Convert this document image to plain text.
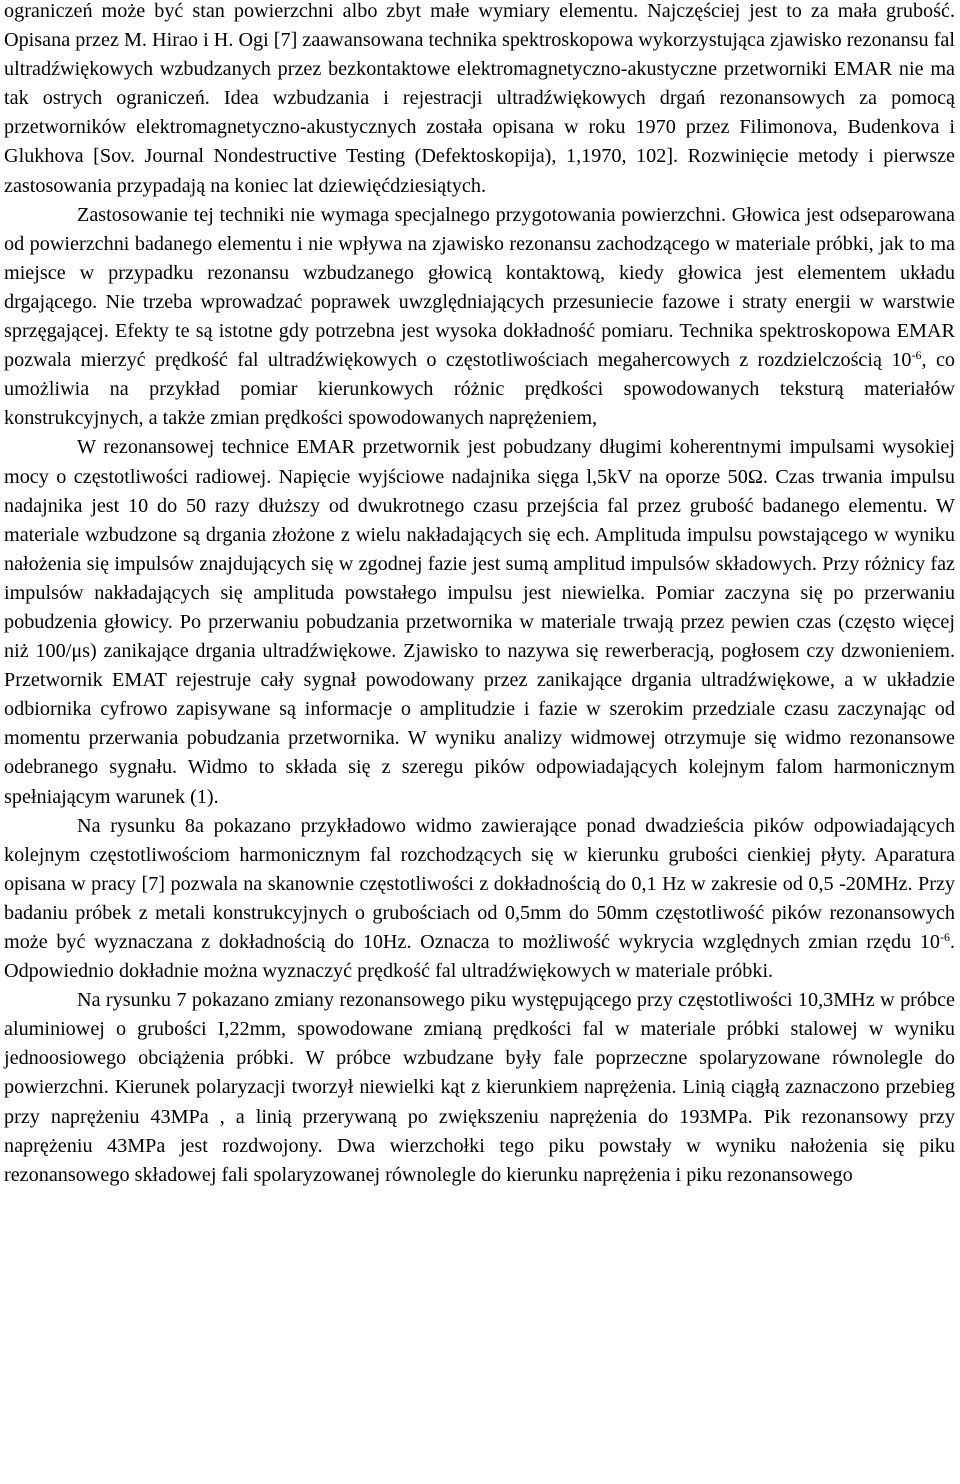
ograniczeń może być stan powierzchni albo zbyt małe wymiary elementu. Najczęściej jest to za mała grubość. Opisana przez M. Hirao i H. Ogi [7] zaawansowana technika spektroskopowa wykorzystująca zjawisko rezonansu fal ultradźwiękowych wzbudzanych przez bezkontaktowe elektromagnetyczno-akustyczne przetworniki EMAR nie ma tak ostrych ograniczeń. Idea wzbudzania i rejestracji ultradźwiękowych drgań rezonansowych za pomocą przetworników elektromagnetyczno-akustycznych została opisana w roku 1970 przez Filimonova, Budenkova i Glukhova [Sov. Journal Nondestructive Testing (Defektoskopija), 1,1970, 102]. Rozwinięcie metody i pierwsze zastosowania przypadają na koniec lat dziewięćdziesiątych.

Zastosowanie tej techniki nie wymaga specjalnego przygotowania powierzchni. Głowica jest odseparowana od powierzchni badanego elementu i nie wpływa na zjawisko rezonansu zachodzącego w materiale próbki, jak to ma miejsce w przypadku rezonansu wzbudzanego głowicą kontaktową, kiedy głowica jest elementem układu drgającego. Nie trzeba wprowadzać poprawek uwzględniających przesuniecie fazowe i straty energii w warstwie sprzęgającej. Efekty te są istotne gdy potrzebna jest wysoka dokładność pomiaru. Technika spektroskopowa EMAR pozwala mierzyć prędkość fal ultradźwiękowych o częstotliwościach megahercowych z rozdzielczością $10^{-6}$, co umożliwia na przykład pomiar kierunkowych różnic prędkości spowodowanych teksturą materiałów konstrukcyjnych, a także zmian prędkości spowodowanych naprężeniem,

W rezonansowej technice EMAR przetwornik jest pobudzany długimi koherentnymi impulsami wysokiej mocy o częstotliwości radiowej. Napięcie wyjściowe nadajnika sięga l,5kV na oporze 50Ω. Czas trwania impulsu nadajnika jest 10 do 50 razy dłuższy od dwukrotnego czasu przejścia fal przez grubość badanego elementu. W materiale wzbudzone są drgania złożone z wielu nakładających się ech. Amplituda impulsu powstającego w wyniku nałożenia się impulsów znajdujących się w zgodnej fazie jest sumą amplitud impulsów składowych. Przy różnicy faz impulsów nakładających się amplituda powstałego impulsu jest niewielka. Pomiar zaczyna się po przerwaniu pobudzenia głowicy. Po przerwaniu pobudzania przetwornika w materiale trwają przez pewien czas (często więcej niż 100/μs) zanikające drgania ultradźwiękowe. Zjawisko to nazywa się rewerberacją, pogłosem czy dzwonieniem. Przetwornik EMAT rejestruje cały sygnał powodowany przez zanikające drgania ultradźwiękowe, a w układzie odbiornika cyfrowo zapisywane są informacje o amplitudzie i fazie w szerokim przedziale czasu zaczynając od momentu przerwania pobudzania przetwornika. W wyniku analizy widmowej otrzymuje się widmo rezonansowe odebranego sygnału. Widmo to składa się z szeregu pików odpowiadających kolejnym falom harmonicznym spełniającym warunek (1).

Na rysunku 8a pokazano przykładowo widmo zawierające ponad dwadzieścia pików odpowiadających kolejnym częstotliwościom harmonicznym fal rozchodzących się w kierunku grubości cienkiej płyty. Aparatura opisana w pracy [7] pozwala na skanownie częstotliwości z dokładnością do 0,1 Hz w zakresie od 0,5 -20MHz. Przy badaniu próbek z metali konstrukcyjnych o grubościach od 0,5mm do 50mm częstotliwość pików rezonansowych może być wyznaczana z dokładnością do 10Hz. Oznacza to możliwość wykrycia względnych zmian rzędu $10^{-6}$. Odpowiednio dokładnie można wyznaczyć prędkość fal ultradźwiękowych w materiale próbki.

Na rysunku 7 pokazano zmiany rezonansowego piku występującego przy częstotliwości 10,3MHz w próbce aluminiowej o grubości I,22mm, spowodowane zmianą prędkości fal w materiale próbki stalowej w wyniku jednoosiowego obciążenia próbki. W próbce wzbudzane były fale poprzeczne spolaryzowane równolegle do powierzchni. Kierunek polaryzacji tworzył niewielki kąt z kierunkiem naprężenia. Linią ciągłą zaznaczono przebieg przy naprężeniu 43MPa , a linią przerywaną po zwiększeniu naprężenia do 193MPa. Pik rezonansowy przy naprężeniu 43MPa jest rozdwojony. Dwa wierzchołki tego piku powstały w wyniku nałożenia się piku rezonansowego składowej fali spolaryzowanej równolegle do kierunku naprężenia i piku rezonansowego
